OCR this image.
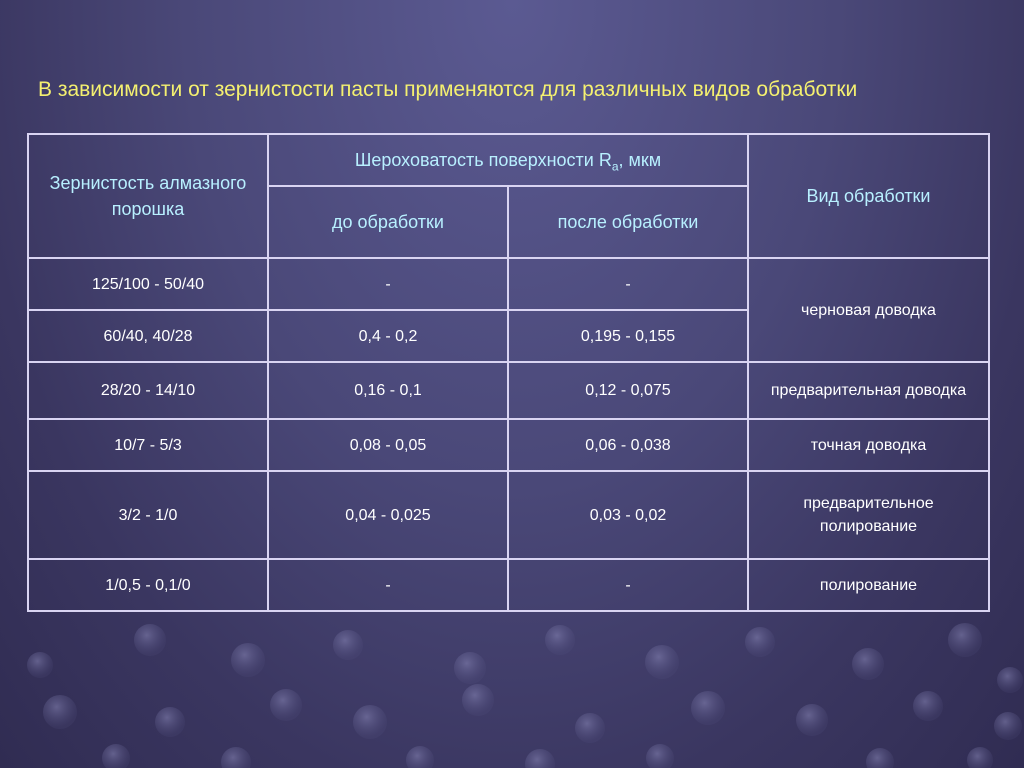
В зависимости от зернистости пасты применяются для различных видов обработки
Зернистость алмазного порошка	Шероховатость поверхности $R_a$, мкм		Вид обработки
	до обработки	после обработки	
125/100 - 50/40	-	-	черновая доводка
60/40, 40/28	0,4 - 0,2	0,195 - 0,155	
28/20 - 14/10	0,16 - 0,1	0,12 - 0,075	предварительная доводка
10/7 - 5/3	0,08 - 0,05	0,06 - 0,038	точная доводка
3/2 - 1/0	0,04 - 0,025	0,03 - 0,02	предварительное полирование
1/0,5 - 0,1/0	-	-	полирование
